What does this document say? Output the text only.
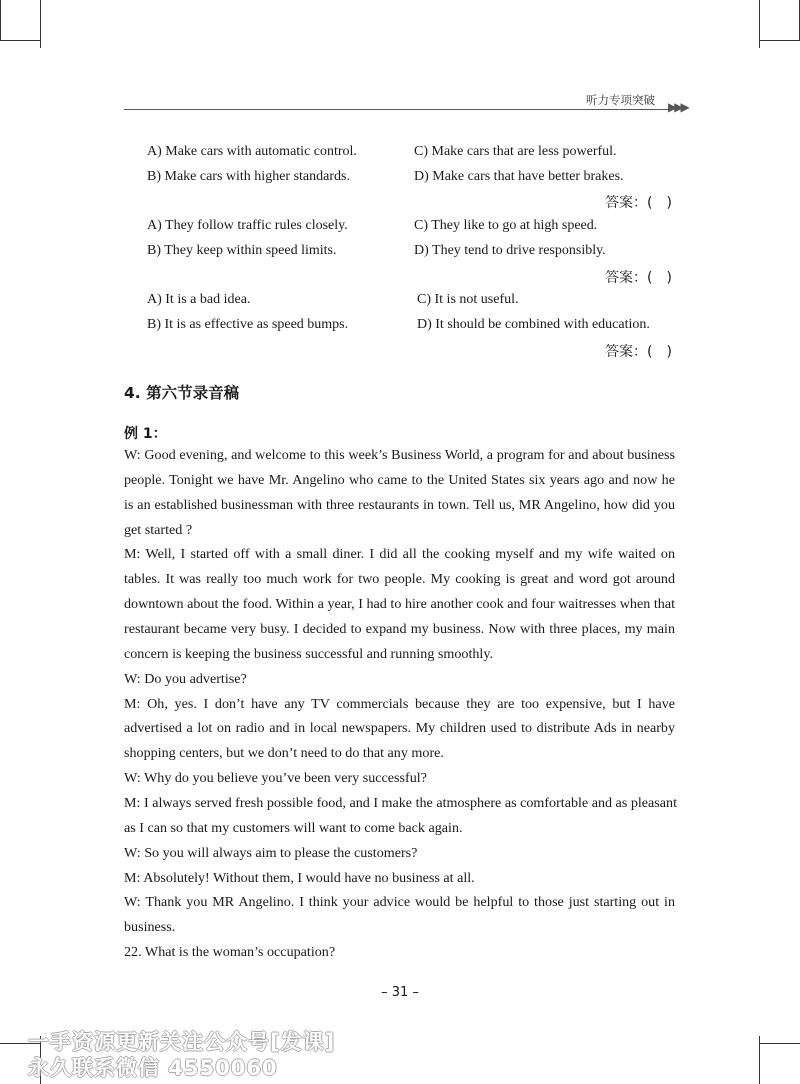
听力专项突破 ▶▶▶
A) Make cars with automatic control.	C) Make cars that are less powerful.
B) Make cars with higher standards.	D) Make cars that have better brakes.
答案：(　)
A) They follow traffic rules closely.	C) They like to go at high speed.
B) They keep within speed limits.	D) They tend to drive responsibly.
答案：(　)
A) It is a bad idea.	C) It is not useful.
B) It is as effective as speed bumps.	D) It should be combined with education.
答案：(　)
4. 第六节录音稿
例 1：
W: Good evening, and welcome to this week’s Business World, a program for and about business
people. Tonight we have Mr. Angelino who came to the United States six years ago and now he
is an established businessman with three restaurants in town. Tell us, MR Angelino, how did you
get started ?
M: Well, I started off with a small diner. I did all the cooking myself and my wife waited on
tables. It was really too much work for two people. My cooking is great and word got around
downtown about the food. Within a year, I had to hire another cook and four waitresses when that
restaurant became very busy. I decided to expand my business. Now with three places, my main
concern is keeping the business successful and running smoothly.
W: Do you advertise?
M: Oh, yes. I don’t have any TV commercials because they are too expensive, but I have
advertised a lot on radio and in local newspapers. My children used to distribute Ads in nearby
shopping centers, but we don’t need to do that any more.
W: Why do you believe you’ve been very successful?
M: I always served fresh possible food, and I make the atmosphere as comfortable and as pleasant
as I can so that my customers will want to come back again.
W: So you will always aim to please the customers?
M: Absolutely! Without them, I would have no business at all.
W: Thank you MR Angelino. I think your advice would be helpful to those just starting out in
business.
22. What is the woman’s occupation?
– 31 –
一手资源更新关注公众号[发课]
永久联系微信 4550060
